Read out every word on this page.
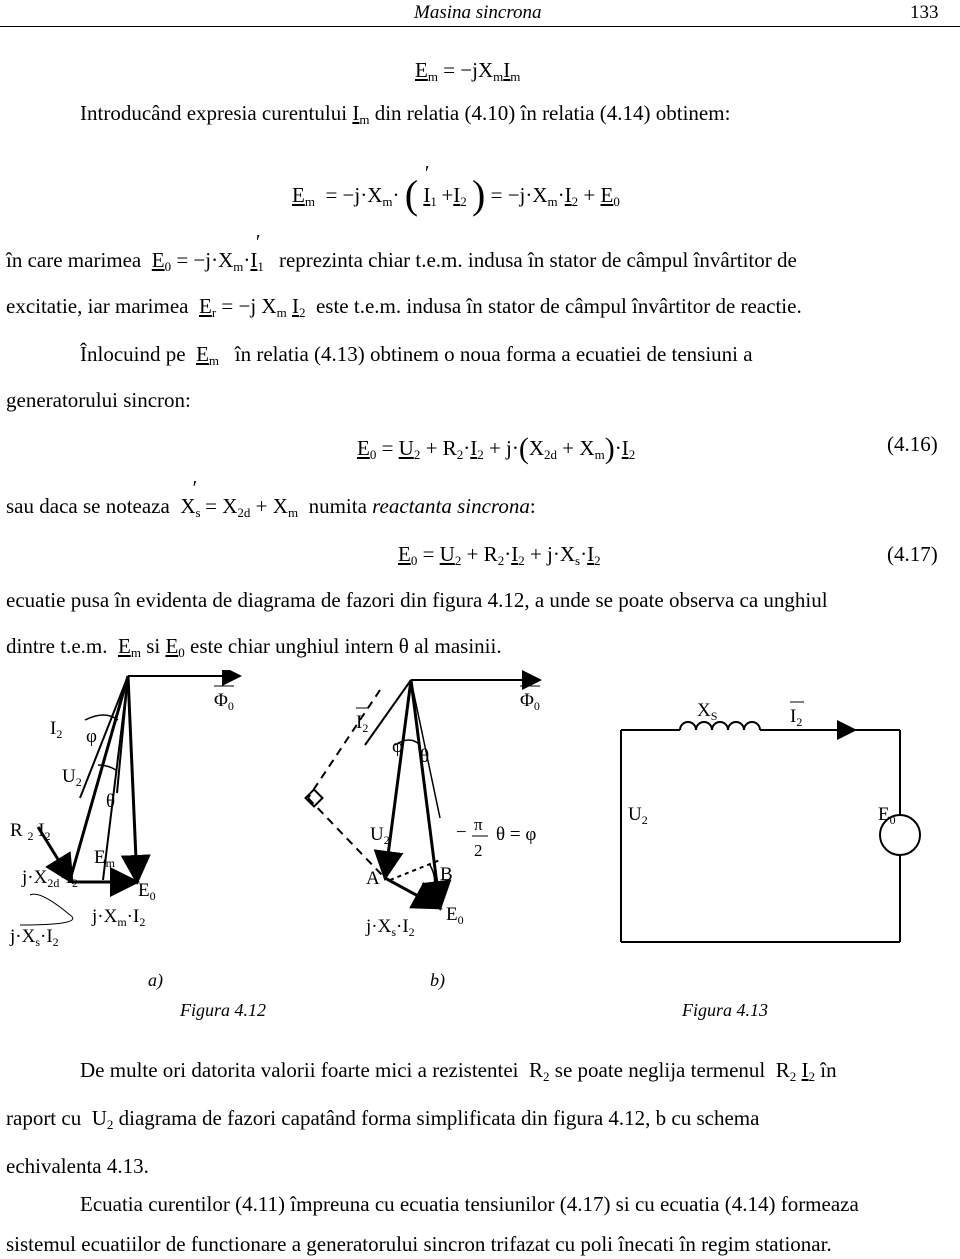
Masina sincrona	133
$E_m = -jX_mI_m$
Introducând expresia curentului $I_m$ din relatia (4.10) în relatia (4.14) obtinem:
$E_m = -j\cdot X_m\cdot$ ( $I_1'+I_2$ ) = $-j\cdot X_m\cdot I_2 + E_0$
în care marimea $E_0 = -j\cdot X_m\cdot I_1'$  reprezinta chiar t.e.m. indusa în stator de câmpul învârtitor de
excitatie, iar marimea $E_r = -j$ $X_m$ $I_2$ este t.e.m. indusa în stator de câmpul învârtitor de reactie.
Înlocuind pe $E_m$ în relatia (4.13) obtinem o noua forma a ecuatiei de tensiuni a
generatorului sincron:
$E_0 = U_2 + R_2\cdot I_2 + j\cdot(X_{2d} + X_m)\cdot I_2$	(4.16)
sau daca se noteaza  $X_s'= X_{2d} + X_m$ numita reactanta sincrona:
$E_0 = U_2 + R_2\cdot I_2 + j\cdot X_s\cdot I_2$	(4.17)
ecuatie pusa în evidenta de diagrama de fazori din figura 4.12, a unde se poate observa ca unghiul
dintre t.e.m. $E_m$ si $E_0$ este chiar unghiul intern θ al masinii.
$I_2$ φ
$U_2$
θ
R $_2$ $I_2$
$E_m$
$j\cdot X_{2d}\cdot I_2$	$E_0$
$j\cdot X_m\cdot I_2$
$j\cdot X_s\cdot I_2$
$\Phi_0$
$I_2$
φ θ
$U_2$
A	B
$E_0$
$j\cdot X_s\cdot I_2$
$\Phi_0$
− π
2
θ = φ
$X_S$	$I_2$
$U_2$	$E_0$
a)	b)
Figura 4.12	Figura 4.13
De multe ori datorita valorii foarte mici a rezistentei  $R_2$ se poate neglija termenul  $R_2$ $I_2$ în
raport cu  $U_2$ diagrama de fazori capatând forma simplificata din figura 4.12, b cu schema
echivalenta 4.13.
Ecuatia curentilor (4.11) împreuna cu ecuatia tensiunilor (4.17) si cu ecuatia (4.14) formeaza
sistemul ecuatiilor de functionare a generatorului sincron trifazat cu poli înecati în regim stationar.
